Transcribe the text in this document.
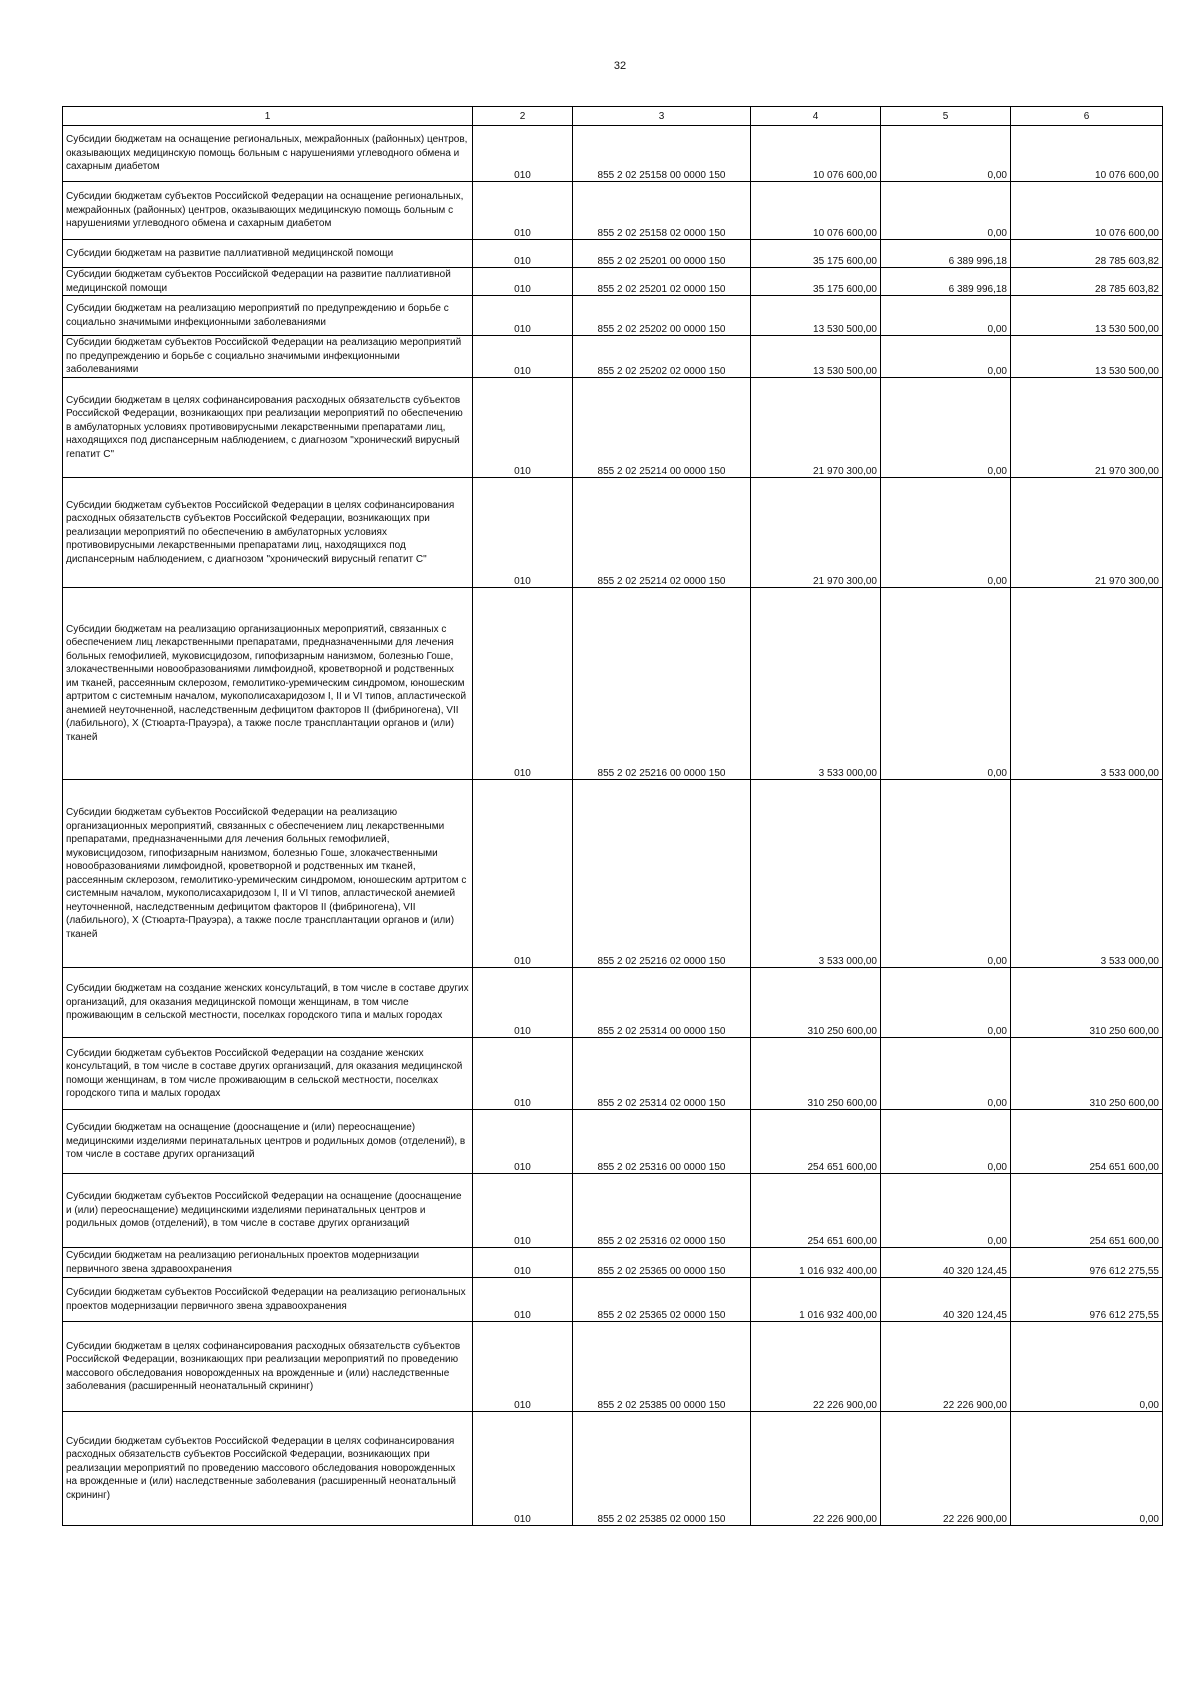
32
1	2	3	4	5	6
Субсидии бюджетам на оснащение региональных, межрайонных (районных) центров, оказывающих медицинскую помощь больным с нарушениями углеводного обмена и сахарным диабетом	010	855 2 02 25158 00 0000 150	10 076 600,00	0,00	10 076 600,00
Субсидии бюджетам субъектов Российской Федерации на оснащение региональных, межрайонных (районных) центров, оказывающих медицинскую помощь больным с нарушениями углеводного обмена и сахарным диабетом	010	855 2 02 25158 02 0000 150	10 076 600,00	0,00	10 076 600,00
Субсидии бюджетам на развитие паллиативной медицинской помощи	010	855 2 02 25201 00 0000 150	35 175 600,00	6 389 996,18	28 785 603,82
Субсидии бюджетам субъектов Российской Федерации на развитие паллиативной медицинской помощи	010	855 2 02 25201 02 0000 150	35 175 600,00	6 389 996,18	28 785 603,82
Субсидии бюджетам на реализацию мероприятий по предупреждению и борьбе с социально значимыми инфекционными заболеваниями	010	855 2 02 25202 00 0000 150	13 530 500,00	0,00	13 530 500,00
Субсидии бюджетам субъектов Российской Федерации на реализацию мероприятий по предупреждению и борьбе с социально значимыми инфекционными заболеваниями	010	855 2 02 25202 02 0000 150	13 530 500,00	0,00	13 530 500,00
Субсидии бюджетам в целях софинансирования расходных обязательств субъектов Российской Федерации, возникающих при реализации мероприятий по обеспечению в амбулаторных условиях противовирусными лекарственными препаратами лиц, находящихся под диспансерным наблюдением, с диагнозом "хронический вирусный гепатит С"	010	855 2 02 25214 00 0000 150	21 970 300,00	0,00	21 970 300,00
Субсидии бюджетам субъектов Российской Федерации в целях софинансирования расходных обязательств субъектов Российской Федерации, возникающих при реализации мероприятий по обеспечению в амбулаторных условиях противовирусными лекарственными препаратами лиц, находящихся под диспансерным наблюдением, с диагнозом "хронический вирусный гепатит С"	010	855 2 02 25214 02 0000 150	21 970 300,00	0,00	21 970 300,00
Субсидии бюджетам на реализацию организационных мероприятий, связанных с обеспечением лиц лекарственными препаратами, предназначенными для лечения больных гемофилией, муковисцидозом, гипофизарным нанизмом, болезнью Гоше, злокачественными новообразованиями лимфоидной, кроветворной и родственных им тканей, рассеянным склерозом, гемолитико-уремическим синдромом, юношеским артритом с системным началом, мукополисахаридозом I, II и VI типов, апластической анемией неуточненной, наследственным дефицитом факторов II (фибриногена), VII (лабильного), X (Стюарта-Прауэра), а также после трансплантации органов и (или) тканей	010	855 2 02 25216 00 0000 150	3 533 000,00	0,00	3 533 000,00
Субсидии бюджетам субъектов Российской Федерации на реализацию организационных мероприятий, связанных с обеспечением лиц лекарственными препаратами, предназначенными для лечения больных гемофилией, муковисцидозом, гипофизарным нанизмом, болезнью Гоше, злокачественными новообразованиями лимфоидной, кроветворной и родственных им тканей, рассеянным склерозом, гемолитико-уремическим синдромом, юношеским артритом с системным началом, мукополисахаридозом I, II и VI типов, апластической анемией неуточненной, наследственным дефицитом факторов II (фибриногена), VII (лабильного), X (Стюарта-Прауэра), а также после трансплантации органов и (или) тканей	010	855 2 02 25216 02 0000 150	3 533 000,00	0,00	3 533 000,00
Субсидии бюджетам на создание женских консультаций, в том числе в составе других организаций, для оказания медицинской помощи женщинам, в том числе проживающим в сельской местности, поселках городского типа и малых городах	010	855 2 02 25314 00 0000 150	310 250 600,00	0,00	310 250 600,00
Субсидии бюджетам субъектов Российской Федерации на создание женских консультаций, в том числе в составе других организаций, для оказания медицинской помощи женщинам, в том числе проживающим в сельской местности, поселках городского типа и малых городах	010	855 2 02 25314 02 0000 150	310 250 600,00	0,00	310 250 600,00
Субсидии бюджетам на оснащение (дооснащение и (или) переоснащение) медицинскими изделиями перинатальных центров и родильных домов (отделений), в том числе в составе других организаций	010	855 2 02 25316 00 0000 150	254 651 600,00	0,00	254 651 600,00
Субсидии бюджетам субъектов Российской Федерации на оснащение (дооснащение и (или) переоснащение) медицинскими изделиями перинатальных центров и родильных домов (отделений), в том числе в составе других организаций	010	855 2 02 25316 02 0000 150	254 651 600,00	0,00	254 651 600,00
Субсидии бюджетам на реализацию региональных проектов модернизации первичного звена здравоохранения	010	855 2 02 25365 00 0000 150	1 016 932 400,00	40 320 124,45	976 612 275,55
Субсидии бюджетам субъектов Российской Федерации на реализацию региональных проектов модернизации первичного звена здравоохранения	010	855 2 02 25365 02 0000 150	1 016 932 400,00	40 320 124,45	976 612 275,55
Субсидии бюджетам в целях софинансирования расходных обязательств субъектов Российской Федерации, возникающих при реализации мероприятий по проведению массового обследования новорожденных на врожденные и (или) наследственные заболевания (расширенный неонатальный скрининг)	010	855 2 02 25385 00 0000 150	22 226 900,00	22 226 900,00	0,00
Субсидии бюджетам субъектов Российской Федерации в целях софинансирования расходных обязательств субъектов Российской Федерации, возникающих при реализации мероприятий по проведению массового обследования новорожденных на врожденные и (или) наследственные заболевания (расширенный неонатальный скрининг)	010	855 2 02 25385 02 0000 150	22 226 900,00	22 226 900,00	0,00
